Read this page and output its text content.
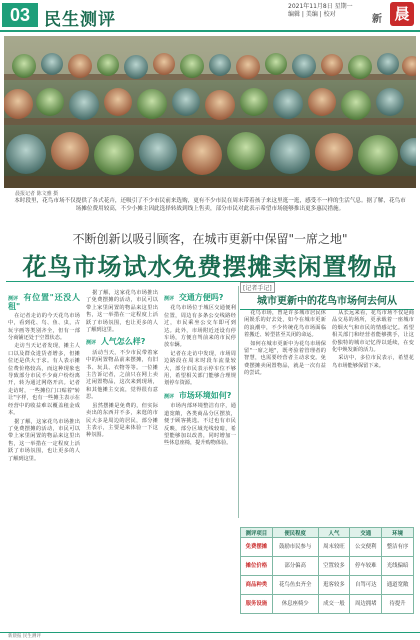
03 民生测评
2021年11月8日 星期一
编辑 | 美编 | 校对	新 晨
晨报记者 陈文雅 摄
本时段里，花鸟市场不仅提供了各式花卉，还吸引了不少市民前来选购，更有不少市民在周末带着孩子来这里逛一逛，感受不一样的生活气息。据了解，花鸟市场摊位费用较高，不少小摊主因此选择转战到线上售卖，部分市民对此表示希望市场能够推出更多惠民措施。
不断创新以吸引顾客，在城市更新中保留"一席之地"
花鸟市场试水免费摆摊卖闲置物品
测评 有位置"还没人租"

在记者走访的今天花鸟市场中，看到花、鸟、鱼、虫，古玩字画等类别齐全，但有一部分商铺还处于空置状态。

走访当天记者发现，摊主人口以及群众进货者增多，但摊位还是供大于求。有人表示摊位费价格较高，而这种现象也导致部分市民不少商户纷纷离开，转为通过网络开店。记者走访时，一些摊位门口贴着"转让"字样，也有一些摊主表示在经营中的收益难以覆盖租金成本。

据了解，这家花鸟市场推出了免费摆摊的活动，市民可以带上家里闲置的物品来这里出售，这一举措在一定程度上活跃了市场氛围，也让更多的人了解到这里。

据了解，这家花鸟市场推出了免费摆摊的活动，市民可以带上家里闲置的物品来这里出售，这一举措在一定程度上活跃了市场氛围，也让更多的人了解到这里。

测评 人气怎么样?

活动当天，不少市民带着家中的闲置物品前来摆摊，有旧书、玩具、衣物等等。一位摊主告诉记者，之前只在网上卖过闲置物品，这次来到现场，和其他摊主交流，觉得很有意思。

虽然摆摊是免费的，但实际卖出的东西并不多，来逛的市民大多是周边的居民，部分摊主表示，主要是来体验一下这种氛围。

测评 交通方便吗?

花鸟市场位于城区交通便利位置，周边有多条公交线路经过，市民乘坐公交车即可到达。此外，市场附近还设有停车场，方便自驾前来的市民停放车辆。

记者在走访中发现，市场周边路段在周末时段车流量较大，部分市民表示停车位不够用，希望相关部门能够合理规划停车资源。

测评 市场环境如何?

市场内部环境整洁有序，通道宽敞，各类商品分区摆放，便于顾客挑选。不过也有市民反映，部分区域光线较暗，希望能够加以改善，同时增加一些休息座椅，提升购物体验。

[记者手记]
城市更新中的花鸟市场何去何从

花鸟市场，曾是许多城市居民休闲娱乐的好去处，如今在城市更新的浪潮中，不少传统花鸟市场面临着搬迁、转型甚至关闭的命运。

如何在城市更新中为花鸟市场保留"一席之地"，既考验着管理者的智慧，也需要经营者主动求变。免费摆摊卖闲置物品，就是一次有益的尝试。

从长远来看，花鸟市场不仅是商品交易的场所，更承载着一座城市的烟火气和市民的情感记忆。希望相关部门和经营者能够携手，让这份独特的城市记忆得以延续，在变化中焕发新的活力。

采访中，多位市民表示，希望花鸟市场能够保留下来。

测评项目	便民程度	人气	交通	环境
免费摆摊	鼓励市民参与	周末较旺	公交便利	整洁有序
摊位价格	部分偏高	空置较多	停车较难	光线偏暗
商品种类	花鸟鱼虫齐全	逛客较多	自驾可达	通道宽敞
服务设施	休息座椅少	成交一般	周边拥堵	待提升
新晨报 民生测评
